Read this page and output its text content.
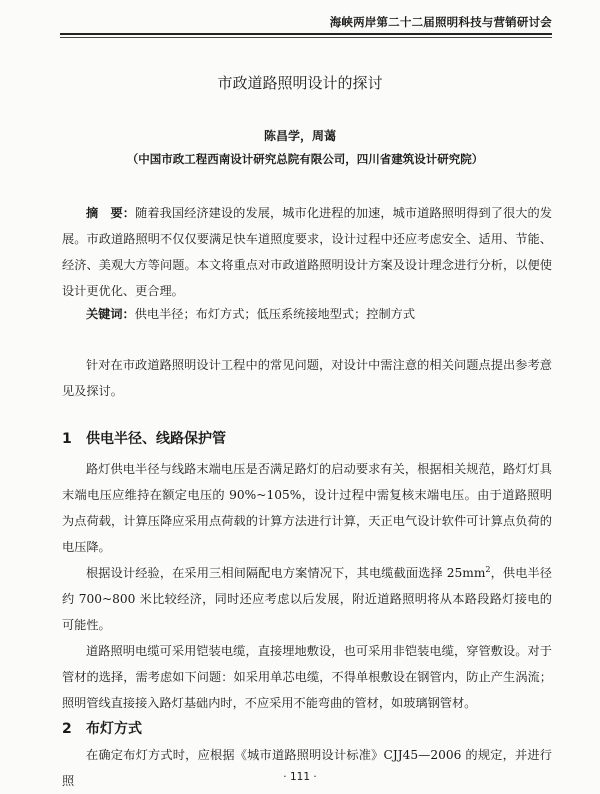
海峡两岸第二十二届照明科技与营销研讨会
市政道路照明设计的探讨
陈昌学，周蔼
（中国市政工程西南设计研究总院有限公司，四川省建筑设计研究院）
摘　要：随着我国经济建设的发展，城市化进程的加速，城市道路照明得到了很大的发展。市政道路照明不仅仅要满足快车道照度要求，设计过程中还应考虑安全、适用、节能、经济、美观大方等问题。本文将重点对市政道路照明设计方案及设计理念进行分析，以便使设计更优化、更合理。
关键词：供电半径；布灯方式；低压系统接地型式；控制方式
针对在市政道路照明设计工程中的常见问题，对设计中需注意的相关问题点提出参考意见及探讨。
1 供电半径、线路保护管

路灯供电半径与线路末端电压是否满足路灯的启动要求有关，根据相关规范，路灯灯具末端电压应维持在额定电压的 90%~105%，设计过程中需复核末端电压。由于道路照明为点荷载，计算压降应采用点荷载的计算方法进行计算，天正电气设计软件可计算点负荷的电压降。

根据设计经验，在采用三相间隔配电方案情况下，其电缆截面选择 $25mm^2$，供电半径约 700~800 米比较经济，同时还应考虑以后发展，附近道路照明将从本路段路灯接电的可能性。

道路照明电缆可采用铠装电缆，直接埋地敷设，也可采用非铠装电缆，穿管敷设。对于管材的选择，需考虑如下问题：如采用单芯电缆，不得单根敷设在钢管内，防止产生涡流；照明管线直接接入路灯基础内时，不应采用不能弯曲的管材，如玻璃钢管材。

2 布灯方式

在确定布灯方式时，应根据《城市道路照明设计标准》CJJ45—2006 的规定，并进行照	· 111 ·
